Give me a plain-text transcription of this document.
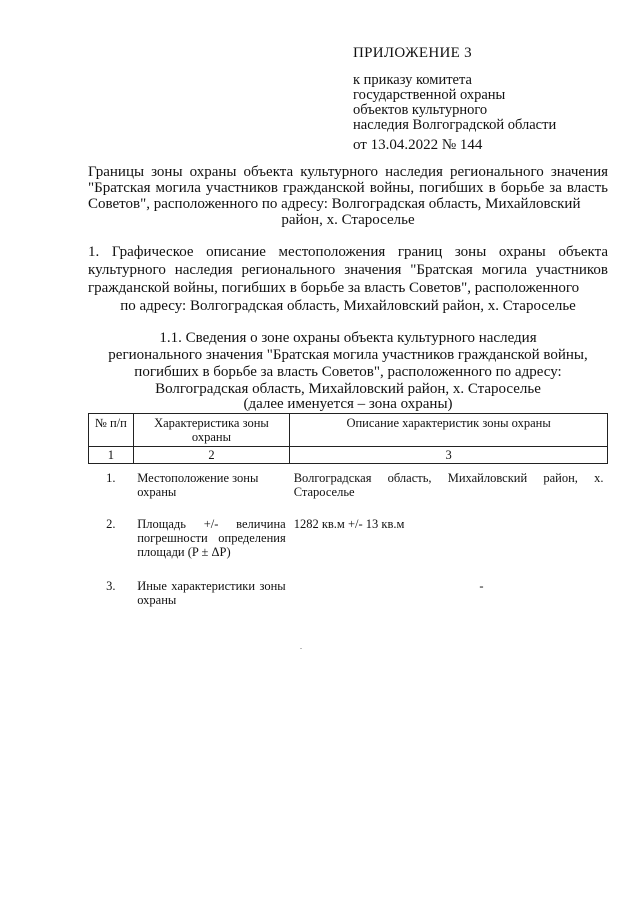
ПРИЛОЖЕНИЕ 3
к приказу комитета
государственной охраны
объектов культурного
наследия Волгоградской области
от 13.04.2022 № 144
Границы зоны охраны объекта культурного наследия регионального значения "Братская могила участников гражданской войны, погибших в борьбе за власть Советов", расположенного по адресу: Волгоградская область, Михайловский
район, х. Староселье
1. Графическое описание местоположения границ зоны охраны объекта культурного наследия регионального значения "Братская могила участников гражданской войны, погибших в борьбе за власть Советов", расположенного
по адресу: Волгоградская область, Михайловский район, х. Староселье
1.1. Сведения о зоне охраны объекта культурного наследия
регионального значения "Братская могила участников гражданской войны,
погибших в борьбе за власть Советов", расположенного по адресу:
Волгоградская область, Михайловский район, х. Староселье
(далее именуется – зона охраны)
№ п/п	Характеристика зоны охраны	Описание характеристик зоны охраны
1	2	3
1.	Местоположение зоны охраны	Волгоградская область, Михайловский район, х. Староселье
2.	Площадь +/- величина погрешности определения площади (P ± ΔP)	1282 кв.м +/- 13 кв.м
3.	Иные характеристики зоны охраны	-
